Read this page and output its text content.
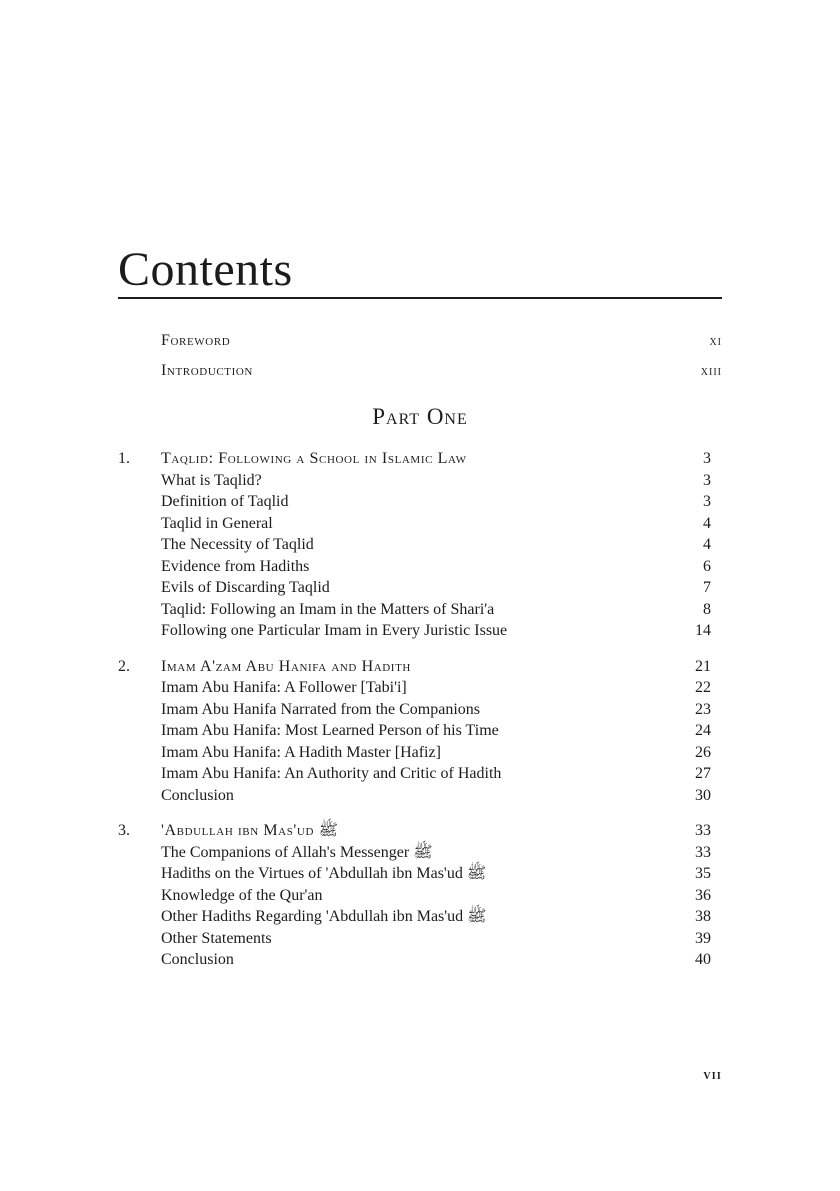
Contents
Foreword	xi
Introduction	xiii
Part One
1.	Taqlid: Following a School in Islamic Law	3
What is Taqlid?	3
Definition of Taqlid	3
Taqlid in General	4
The Necessity of Taqlid	4
Evidence from Hadiths	6
Evils of Discarding Taqlid	7
Taqlid: Following an Imam in the Matters of Shari'a	8
Following one Particular Imam in Every Juristic Issue	14
2.	Imam A'zam Abu Hanifa and Hadith	21
Imam Abu Hanifa: A Follower [Tabi'i]	22
Imam Abu Hanifa Narrated from the Companions	23
Imam Abu Hanifa: Most Learned Person of his Time	24
Imam Abu Hanifa: A Hadith Master [Hafiz]	26
Imam Abu Hanifa: An Authority and Critic of Hadith	27
Conclusion	30
3.	'Abdullah ibn Mas'ud ﷺ	33
The Companions of Allah's Messenger ﷺ	33
Hadiths on the Virtues of 'Abdullah ibn Mas'ud ﷺ	35
Knowledge of the Qur'an	36
Other Hadiths Regarding 'Abdullah ibn Mas'ud ﷺ	38
Other Statements	39
Conclusion	40
vii
